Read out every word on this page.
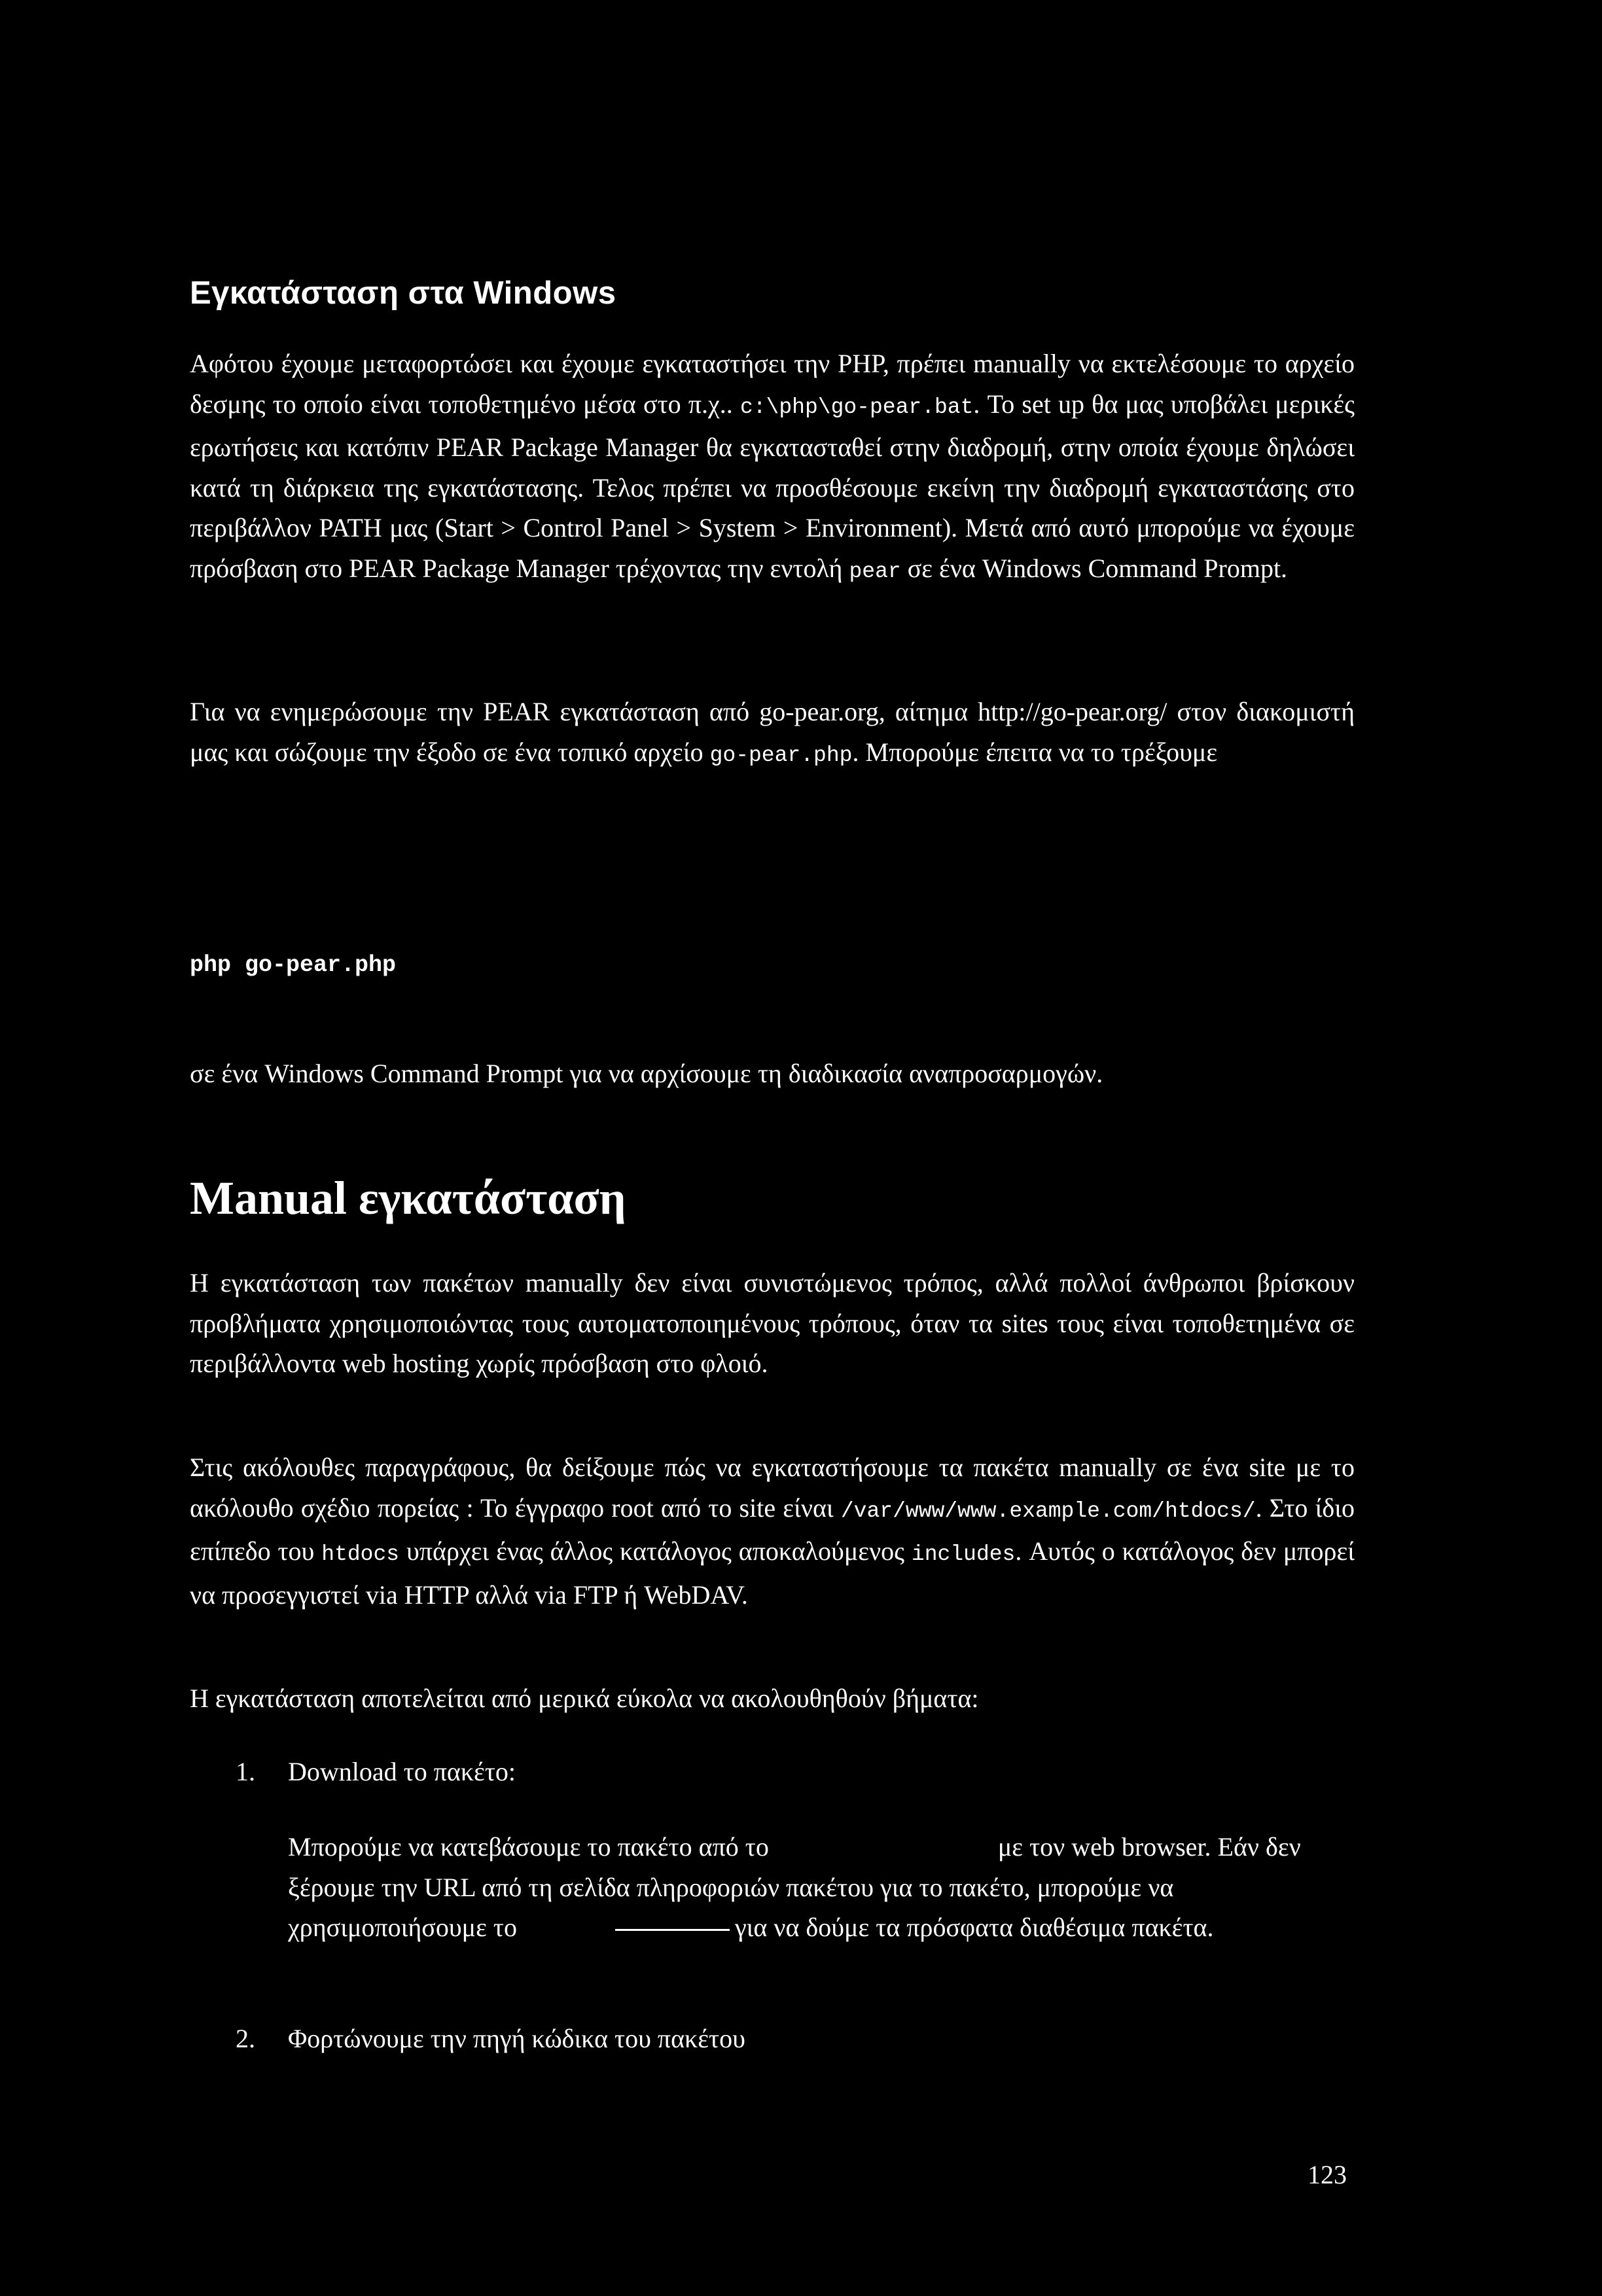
Εγκατάσταση στα Windows

Αφότου έχουμε μεταφορτώσει και έχουμε εγκαταστήσει την PHP, πρέπει manually να εκτελέσουμε το αρχείο δεσμης το οποίο είναι τοποθετημένο μέσα στο π.χ.. c:\php\go-pear.bat. Το set up θα μας υποβάλει μερικές ερωτήσεις και κατόπιν PEAR Package Manager θα εγκατασταθεί στην διαδρομή, στην οποία έχουμε δηλώσει κατά τη διάρκεια της εγκατάστασης. Τελος πρέπει να προσθέσουμε εκείνη την διαδρομή εγκαταστάσης στο περιβάλλον PATH μας (Start > Control Panel > System > Environment). Μετά από αυτό μπορούμε να έχουμε πρόσβαση στο PEAR Package Manager τρέχοντας την εντολή pear σε ένα Windows Command Prompt.

Για να ενημερώσουμε την PEAR εγκατάσταση από go-pear.org, αίτημα http://go-pear.org/ στον διακομιστή μας και σώζουμε την έξοδο σε ένα τοπικό αρχείο go-pear.php. Μπορούμε έπειτα να το τρέξουμε

php go-pear.php

σε ένα Windows Command Prompt για να αρχίσουμε τη διαδικασία αναπροσαρμογών.

Manual εγκατάσταση

Η εγκατάσταση των πακέτων manually δεν είναι συνιστώμενος τρόπος, αλλά πολλοί άνθρωποι βρίσκουν προβλήματα χρησιμοποιώντας τους αυτοματοποιημένους τρόπους, όταν τα sites τους είναι τοποθετημένα σε περιβάλλοντα web hosting χωρίς πρόσβαση στο φλοιό.

Στις ακόλουθες παραγράφους, θα δείξουμε πώς να εγκαταστήσουμε τα πακέτα manually σε ένα site με το ακόλουθο σχέδιο πορείας : Το έγγραφο root από το site είναι /var/www/www.example.com/htdocs/. Στο ίδιο επίπεδο του htdocs υπάρχει ένας άλλος κατάλογος αποκαλούμενος includes. Αυτός ο κατάλογος δεν μπορεί να προσεγγιστεί via HTTP αλλά via FTP ή WebDAV.

Η εγκατάσταση αποτελείται από μερικά εύκολα να ακολουθηθούν βήματα:

1. Download το πακέτο:

Μπορούμε να κατεβάσουμε το πακέτο από το	με τον web browser. Εάν δεν ξέρουμε την URL από τη σελίδα πληροφοριών πακέτου για το πακέτο, μπορούμε να χρησιμοποιήσουμε το	για να δούμε τα πρόσφατα διαθέσιμα πακέτα.

2. Φορτώνουμε την πηγή κώδικα του πακέτου

123
